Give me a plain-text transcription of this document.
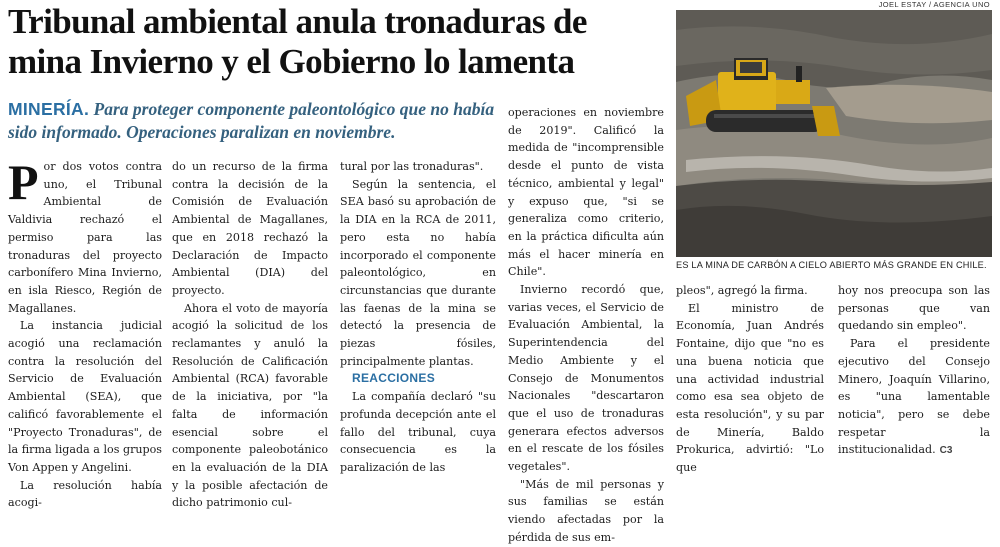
Tribunal ambiental anula tronaduras de mina Invierno y el Gobierno lo lamenta

MINERÍA. Para proteger componente paleontológico que no había sido informado. Operaciones paralizan en noviembre.

P or dos votos contra uno, el Tribunal Ambiental de Valdivia rechazó el permiso para las tronaduras del proyecto carbonífero Mina Invierno, en isla Riesco, Región de Magallanes.

La instancia judicial acogió una reclamación contra la resolución del Servicio de Evaluación Ambiental (SEA), que calificó favorablemente el "Proyecto Tronaduras", de la firma ligada a los grupos Von Appen y Angelini.

La resolución había acogi-

do un recurso de la firma contra la decisión de la Comisión de Evaluación Ambiental de Magallanes, que en 2018 rechazó la Declaración de Impacto Ambiental (DIA) del proyecto.

Ahora el voto de mayoría acogió la solicitud de los reclamantes y anuló la Resolución de Calificación Ambiental (RCA) favorable de la iniciativa, por "la falta de información esencial sobre el componente paleobotánico en la evaluación de la DIA y la posible afectación de dicho patrimonio cul-

tural por las tronaduras".

Según la sentencia, el SEA basó su aprobación de la DIA en la RCA de 2011, pero esta no había incorporado el componente paleontológico, en circunstancias que durante las faenas de la mina se detectó la presencia de piezas fósiles, principalmente plantas.

REACCIONES

La compañía declaró "su profunda decepción ante el fallo del tribunal, cuya consecuencia es la paralización de las

operaciones en noviembre de 2019". Calificó la medida de "incomprensible desde el punto de vista técnico, ambiental y legal" y expuso que, "si se generaliza como criterio, en la práctica dificulta aún más el hacer minería en Chile".

Invierno recordó que, varias veces, el Servicio de Evaluación Ambiental, la Superintendencia del Medio Ambiente y el Consejo de Monumentos Nacionales "descartaron que el uso de tronaduras generara efectos adversos en el rescate de los fósiles vegetales".

"Más de mil personas y sus familias se están viendo afectadas por la pérdida de sus em-

JOEL ESTAY / AGENCIA UNO
ES LA MINA DE CARBÓN A CIELO ABIERTO MÁS GRANDE EN CHILE.

pleos", agregó la firma.

El ministro de Economía, Juan Andrés Fontaine, dijo que "no es una buena noticia que una actividad industrial como esa sea objeto de esta resolución", y su par de Minería, Baldo Prokurica, advirtió: "Lo que

hoy nos preocupa son las personas que van quedando sin empleo".

Para el presidente ejecutivo del Consejo Minero, Joaquín Villarino, es "una lamentable noticia", pero se debe respetar la institucionalidad. C3
